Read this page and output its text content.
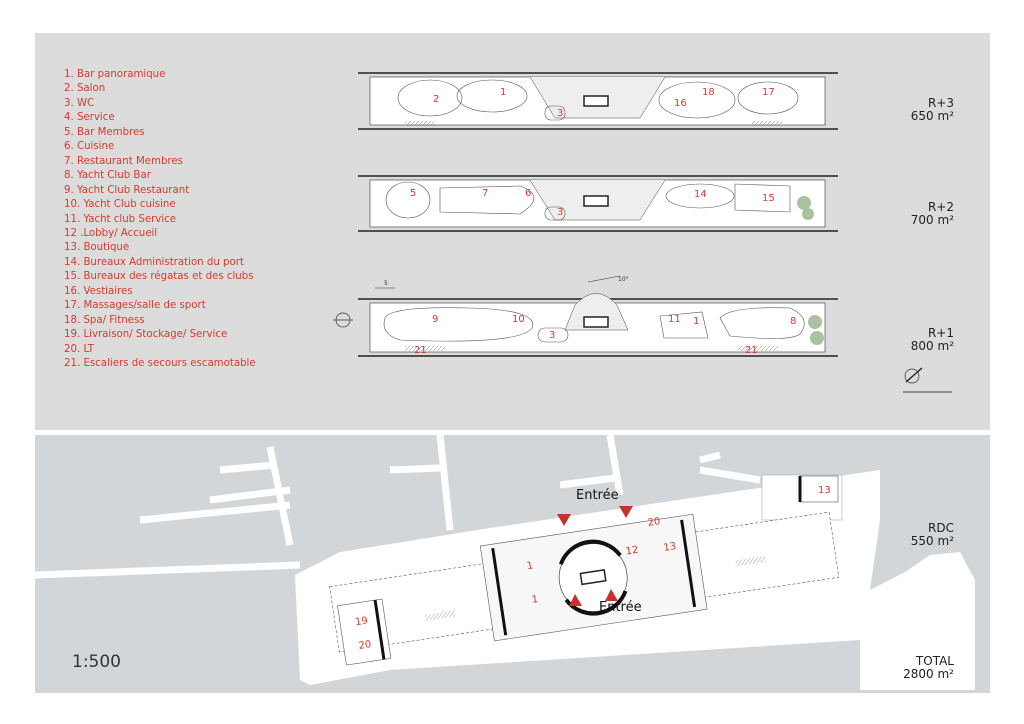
2
1
3
16
18	17
5	7	6
3
14	15
5
10°
9	10
3
11 1	8
21	21
1
1
12 13
20
19
20
13
1. Bar panoramique
2. Salon
3. WC
4. Service
5. Bar Membres
6. Cuisine
7. Restaurant Membres
8. Yacht Club Bar
9. Yacht Club Restaurant
10. Yacht Club cuisine
11. Yacht club Service
12 .Lobby/ Accueil
13. Boutique
14. Bureaux Administration du port
15. Bureaux des régatas et des clubs
16. Vestiaires
17. Massages/salle de sport
18. Spa/ Fitness
19. Livraison/ Stockage/ Service
20. LT
21. Escaliers de secours escamotable
R+3
650 m²
R+2
700 m²
R+1
800 m²
RDC
550 m²
TOTAL
2800 m²
Entrée
Entrée
1:500
